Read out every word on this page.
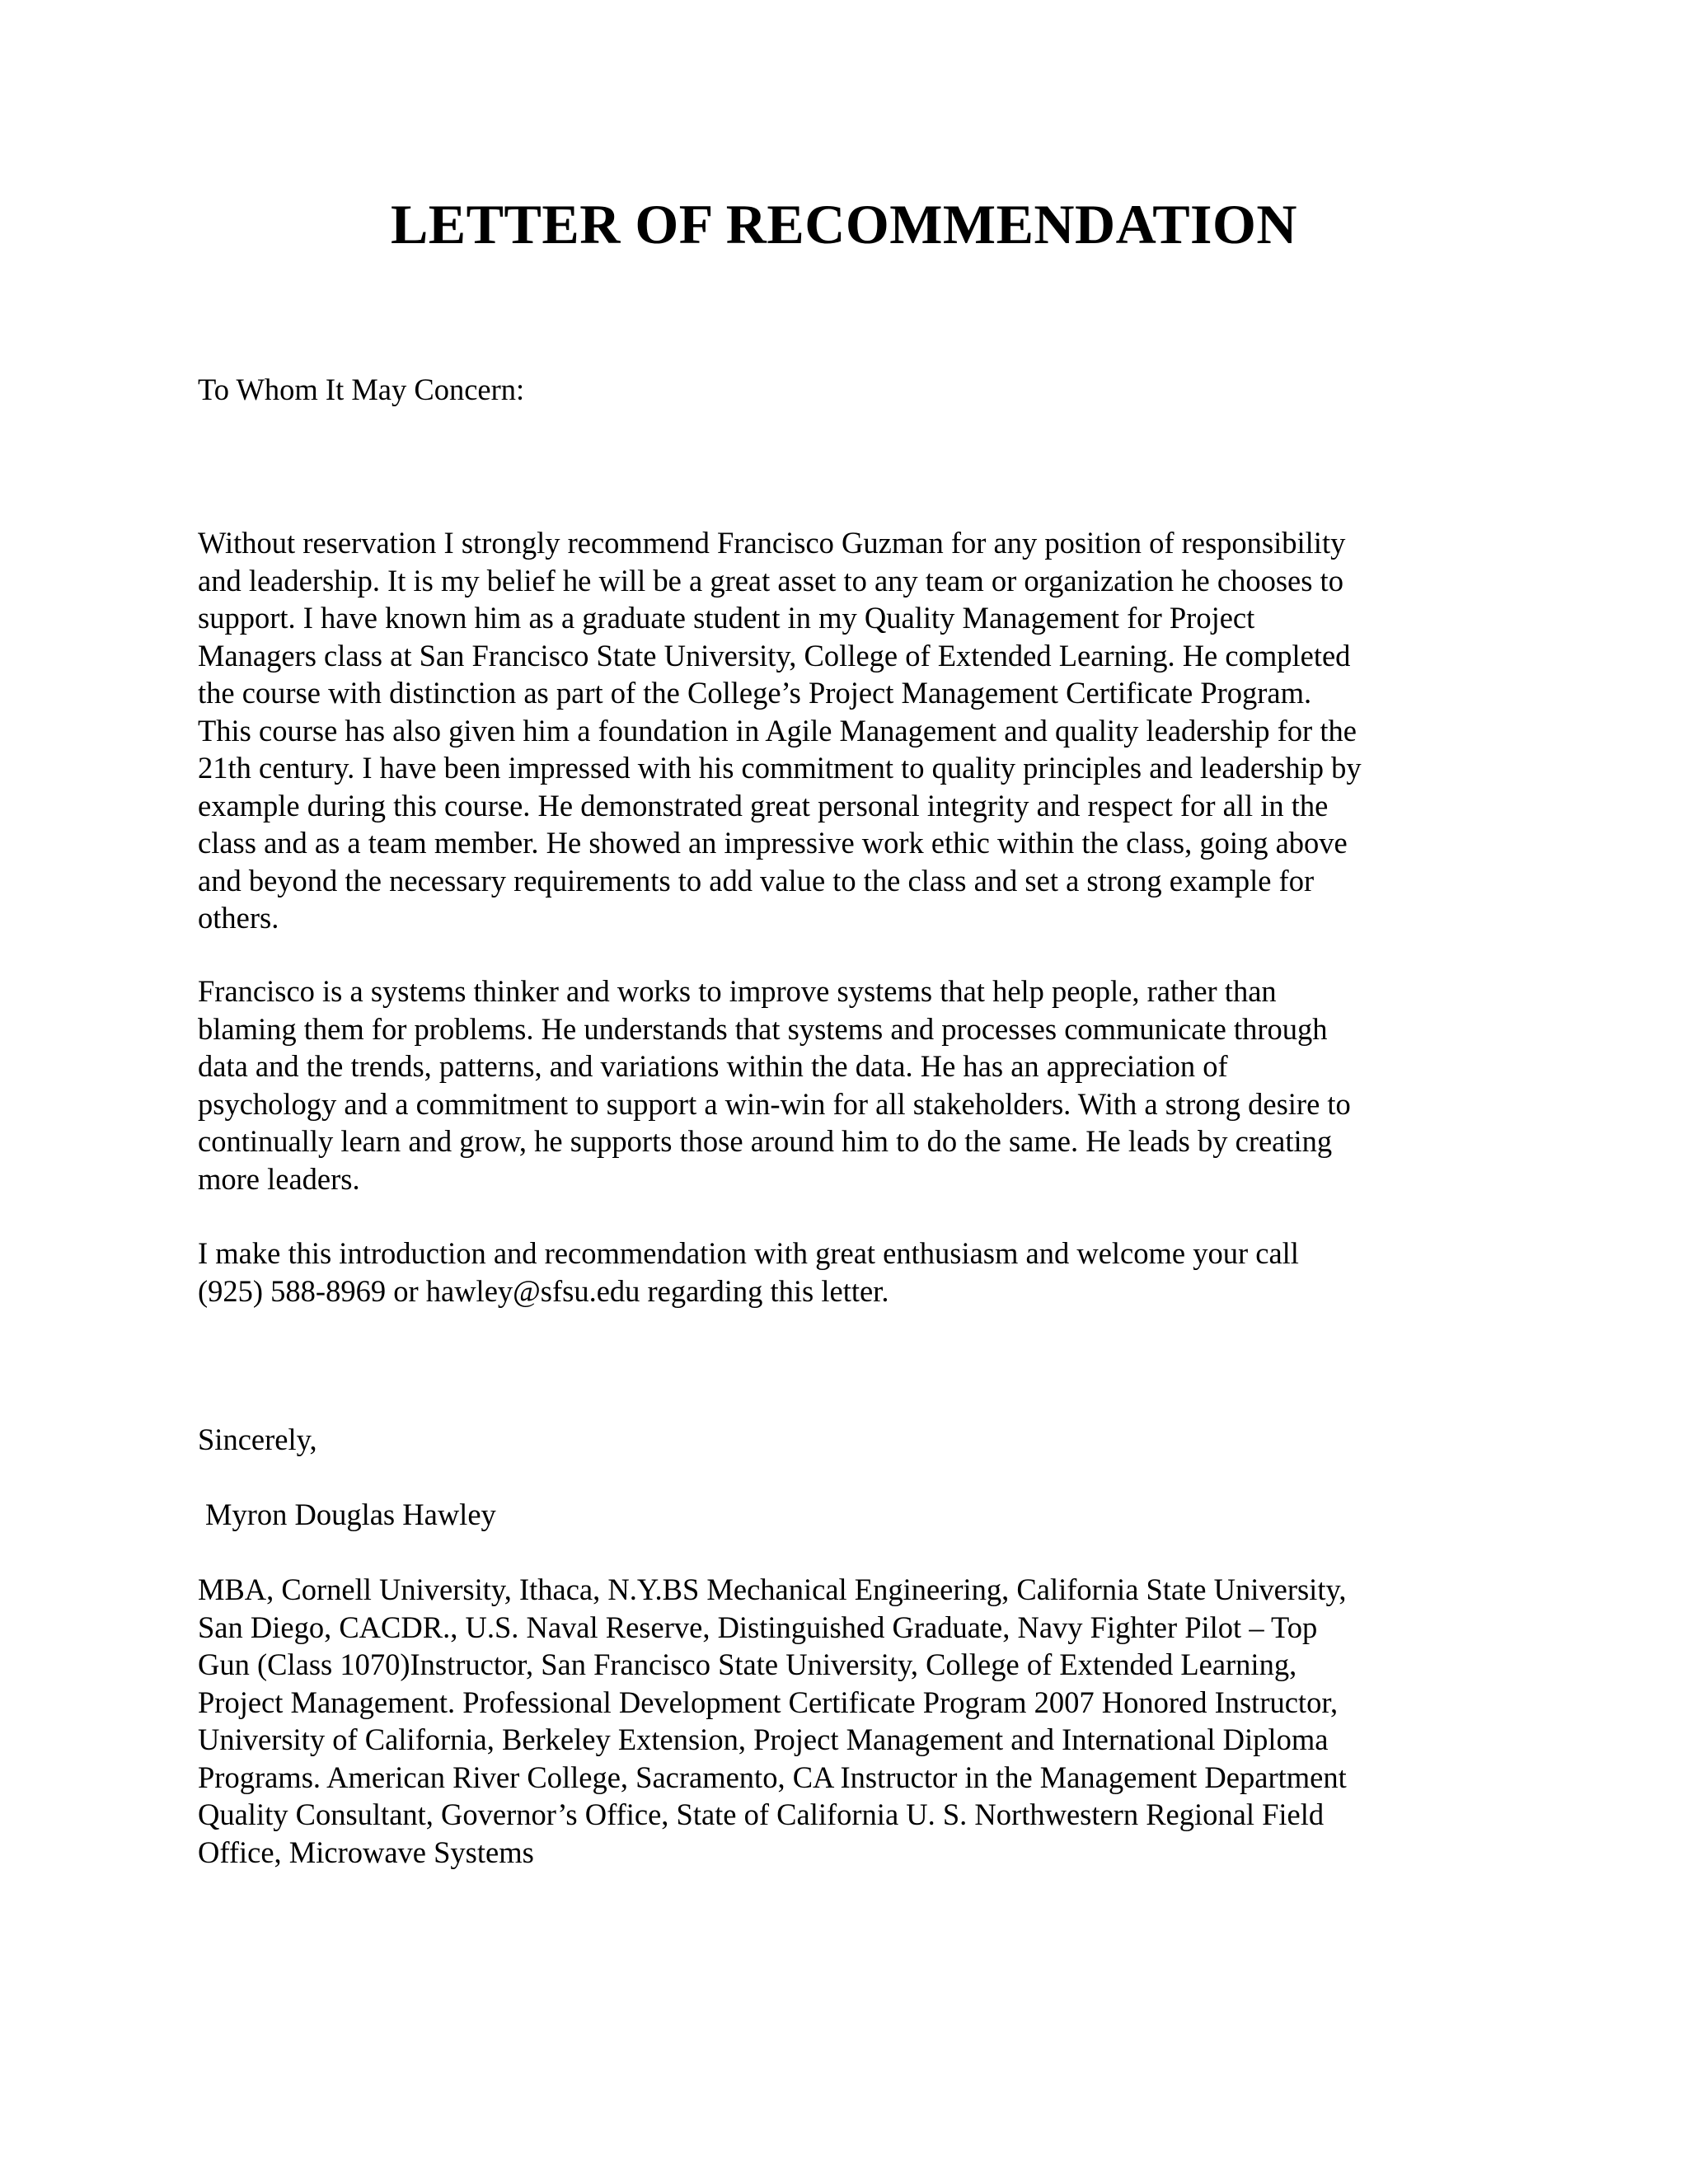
LETTER OF RECOMMENDATION

To Whom It May Concern:

Without reservation I strongly recommend Francisco Guzman for any position of responsibility
and leadership. It is my belief he will be a great asset to any team or organization he chooses to
support. I have known him as a graduate student in my Quality Management for Project
Managers class at San Francisco State University, College of Extended Learning. He completed
the course with distinction as part of the College’s Project Management Certificate Program.
This course has also given him a foundation in Agile Management and quality leadership for the
21th century. I have been impressed with his commitment to quality principles and leadership by
example during this course. He demonstrated great personal integrity and respect for all in the
class and as a team member. He showed an impressive work ethic within the class, going above
and beyond the necessary requirements to add value to the class and set a strong example for
others.
Francisco is a systems thinker and works to improve systems that help people, rather than
blaming them for problems. He understands that systems and processes communicate through
data and the trends, patterns, and variations within the data. He has an appreciation of
psychology and a commitment to support a win-win for all stakeholders. With a strong desire to
continually learn and grow, he supports those around him to do the same. He leads by creating
more leaders.
I make this introduction and recommendation with great enthusiasm and welcome your call
(925) 588-8969 or hawley@sfsu.edu regarding this letter.

Sincerely,

Myron Douglas Hawley

MBA, Cornell University, Ithaca, N.Y.BS Mechanical Engineering, California State University,
San Diego, CACDR., U.S. Naval Reserve, Distinguished Graduate, Navy Fighter Pilot – Top
Gun (Class 1070)Instructor, San Francisco State University, College of Extended Learning,
Project Management. Professional Development Certificate Program 2007 Honored Instructor,
University of California, Berkeley Extension, Project Management and International Diploma
Programs. American River College, Sacramento, CA Instructor in the Management Department
Quality Consultant, Governor’s Office, State of California U. S. Northwestern Regional Field
Office, Microwave Systems
